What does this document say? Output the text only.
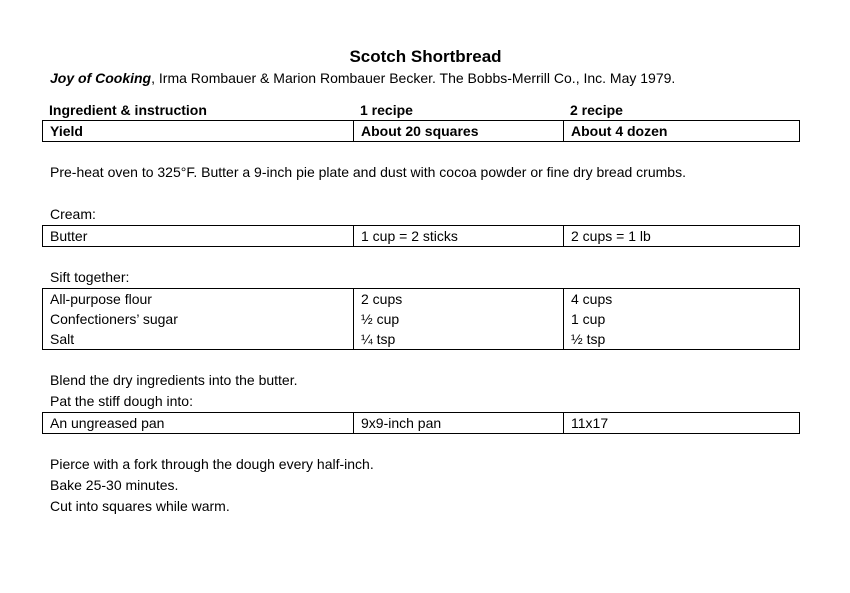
Scotch Shortbread
Joy of Cooking, Irma Rombauer & Marion Rombauer Becker. The Bobbs-Merrill Co., Inc. May 1979.
Ingredient & instruction	1 recipe	2 recipe
Yield	About 20 squares	About 4 dozen
Pre-heat oven to 325°F. Butter a 9-inch pie plate and dust with cocoa powder or fine dry bread crumbs.
Cream:
Butter	1 cup = 2 sticks	2 cups = 1 lb
Sift together:
All-purpose flour	2 cups	4 cups
Confectioners’ sugar	½ cup	1 cup
Salt	¼ tsp	½ tsp
Blend the dry ingredients into the butter.
Pat the stiff dough into:
An ungreased pan	9x9-inch pan	11x17
Pierce with a fork through the dough every half-inch.
Bake 25-30 minutes.
Cut into squares while warm.
